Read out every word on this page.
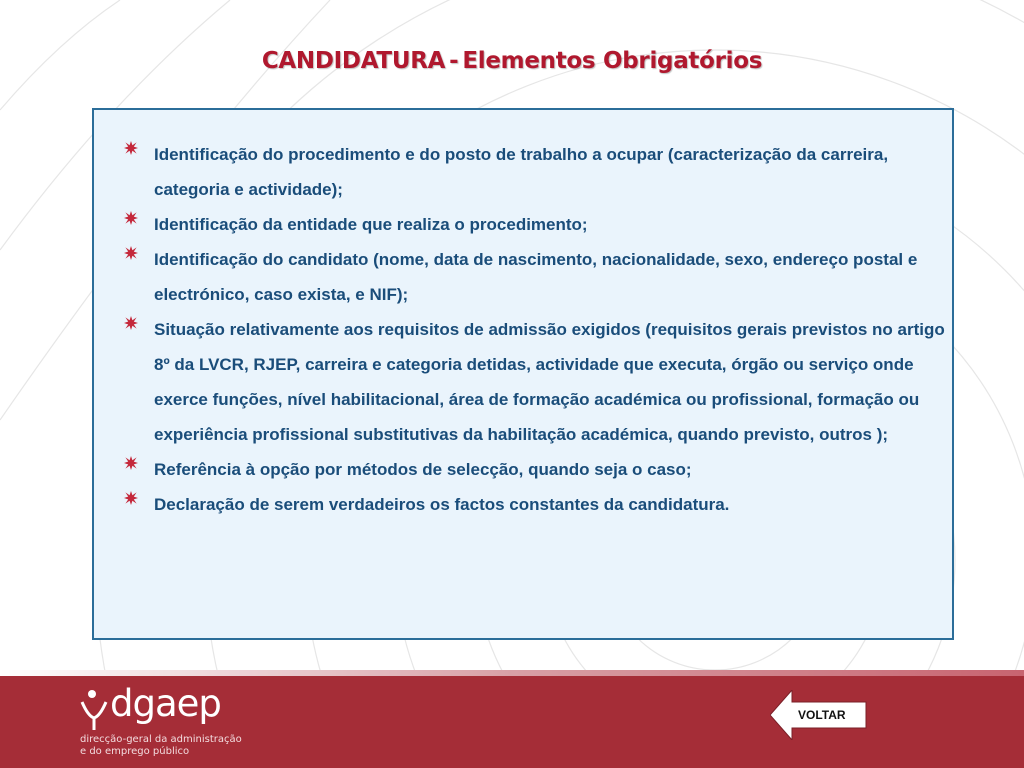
CANDIDATURA - Elementos Obrigatórios
Identificação do procedimento e do posto de trabalho a ocupar (caracterização da carreira, categoria e actividade);
Identificação da entidade que realiza o procedimento;
Identificação do candidato (nome, data de nascimento, nacionalidade, sexo, endereço postal e electrónico, caso exista, e NIF);
Situação relativamente aos requisitos de admissão exigidos (requisitos gerais previstos no artigo 8º da LVCR, RJEP, carreira e categoria detidas, actividade que executa, órgão ou serviço onde exerce funções, nível habilitacional, área de formação académica ou profissional, formação ou experiência profissional substitutivas da habilitação académica, quando previsto, outros );
Referência à opção por métodos de selecção, quando seja o caso;
Declaração de serem verdadeiros os factos constantes da candidatura.
dgaep
direcção-geral da administração
e do emprego público
VOLTAR
